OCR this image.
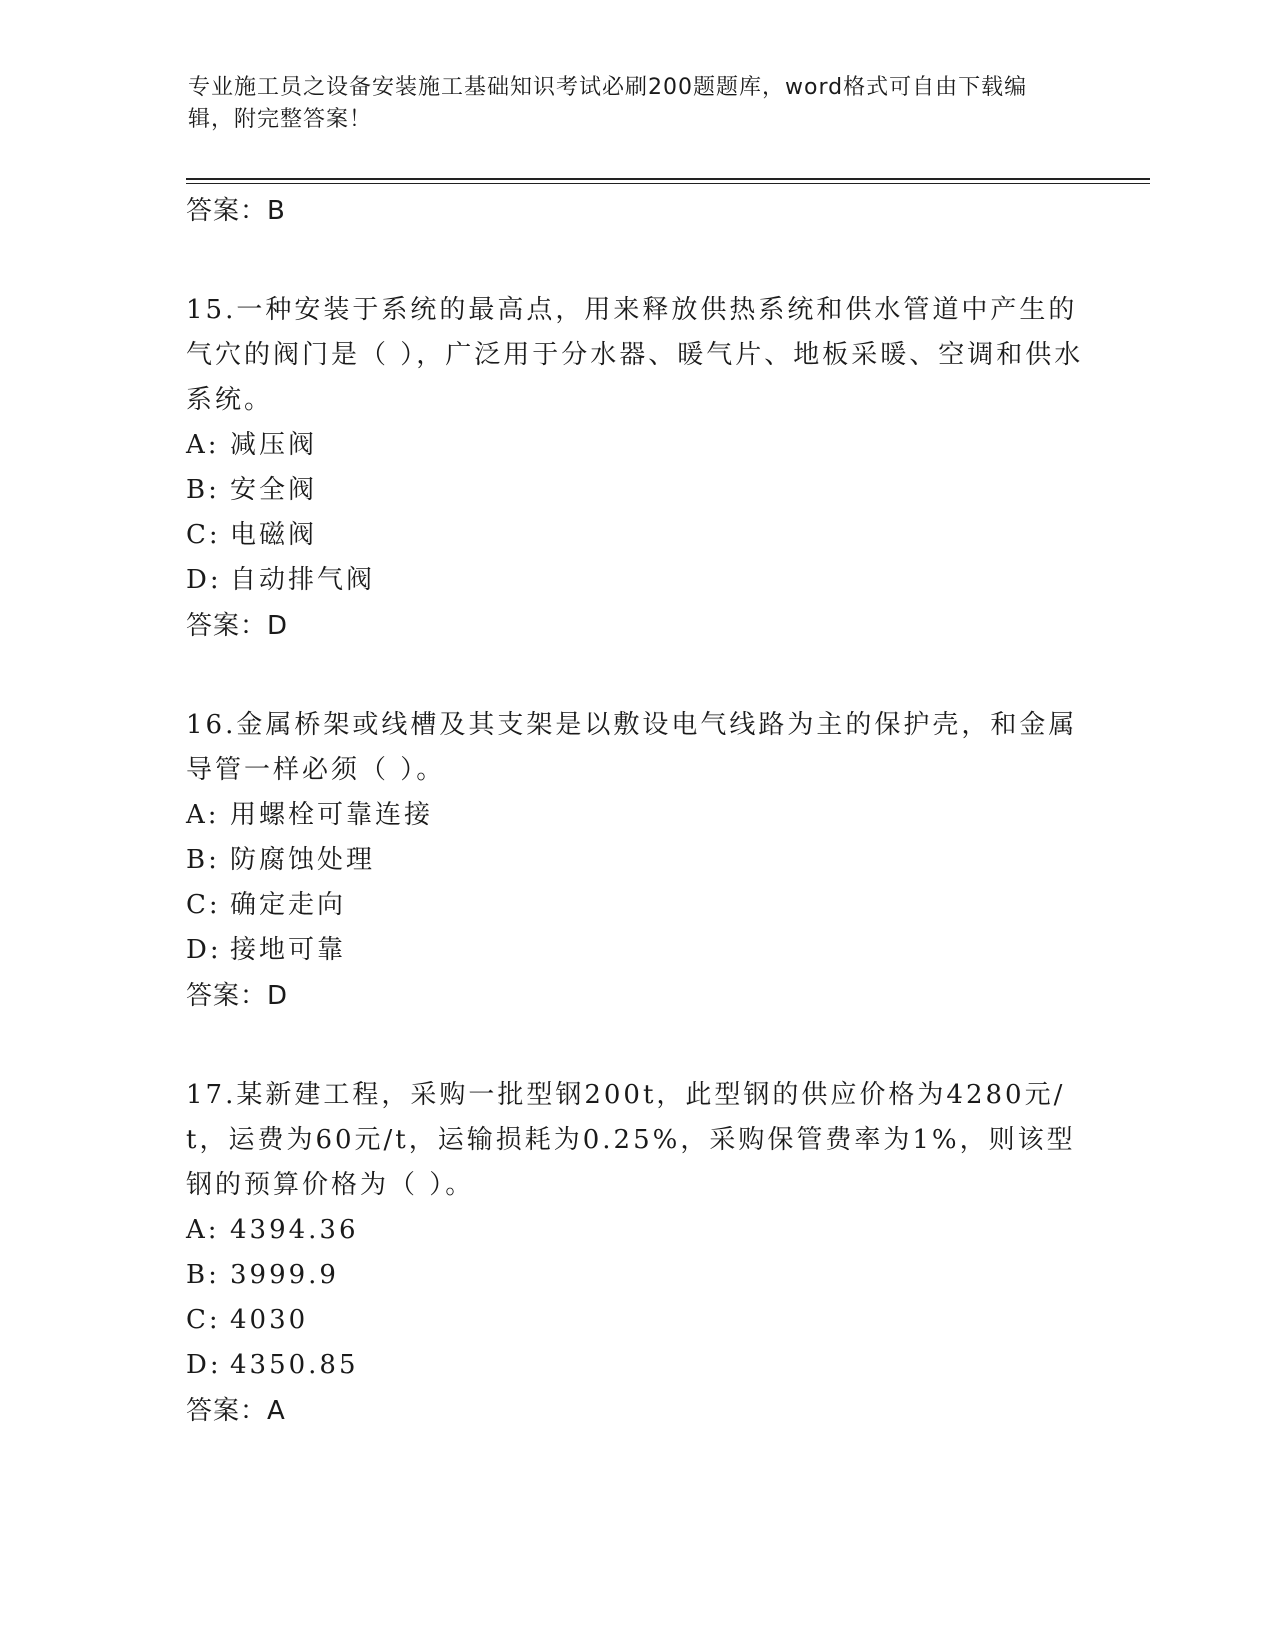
专业施工员之设备安装施工基础知识考试必刷200题题库，word格式可自由下载编辑，附完整答案！
答案：B

15.一种安装于系统的最高点，用来释放供热系统和供水管道中产生的气穴的阀门是（ ），广泛用于分水器、暖气片、地板采暖、空调和供水系统。

A: 减压阀
B: 安全阀
C: 电磁阀
D: 自动排气阀
答案：D

16.金属桥架或线槽及其支架是以敷设电气线路为主的保护壳，和金属导管一样必须（ ）。

A: 用螺栓可靠连接
B: 防腐蚀处理
C: 确定走向
D: 接地可靠
答案：D

17.某新建工程，采购一批型钢200t，此型钢的供应价格为4280元/t，运费为60元/t，运输损耗为0.25%，采购保管费率为1%，则该型钢的预算价格为（ ）。

A: 4394.36
B: 3999.9
C: 4030
D: 4350.85
答案：A
